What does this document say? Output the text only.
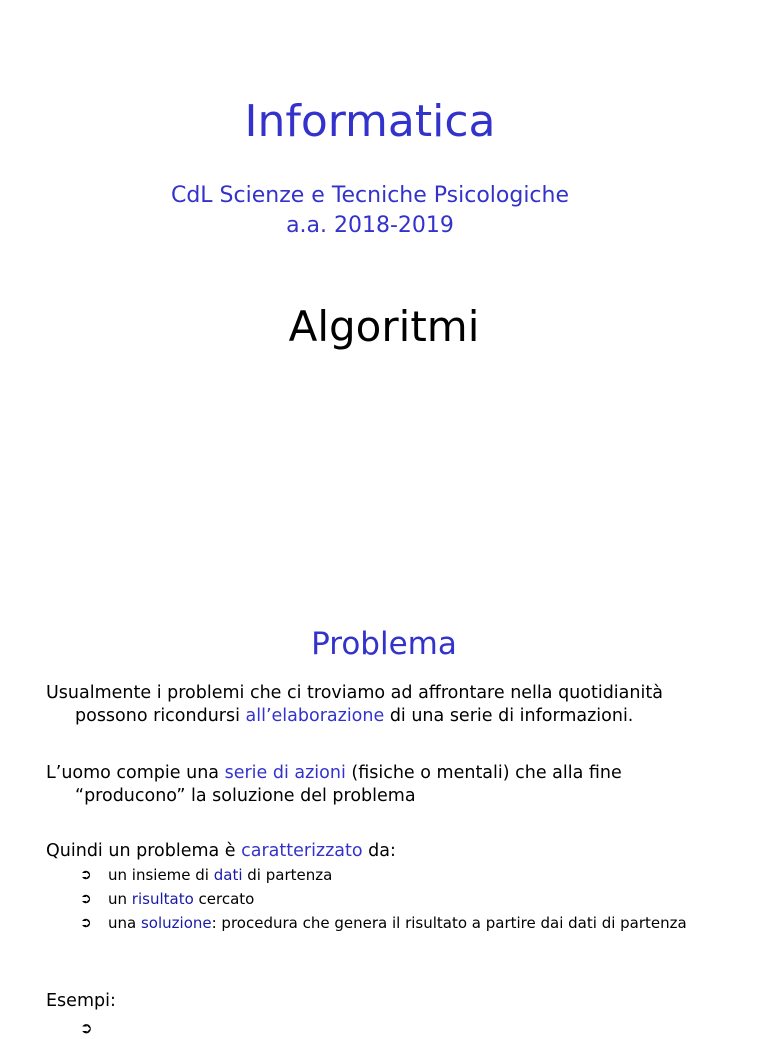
Informatica
CdL Scienze e Tecniche Psicologiche
a.a. 2018-2019
Algoritmi
Problema
Usualmente i problemi che ci troviamo ad affrontare nella quotidianità
possono ricondursi all’elaborazione di una serie di informazioni.
L’uomo compie una serie di azioni (fisiche o mentali) che alla fine
“producono” la soluzione del problema
Quindi un problema è caratterizzato da:
➲	un insieme di dati di partenza
➲	un risultato cercato
➲	una soluzione: procedura che genera il risultato a partire dai dati di partenza
Esempi:
➲
